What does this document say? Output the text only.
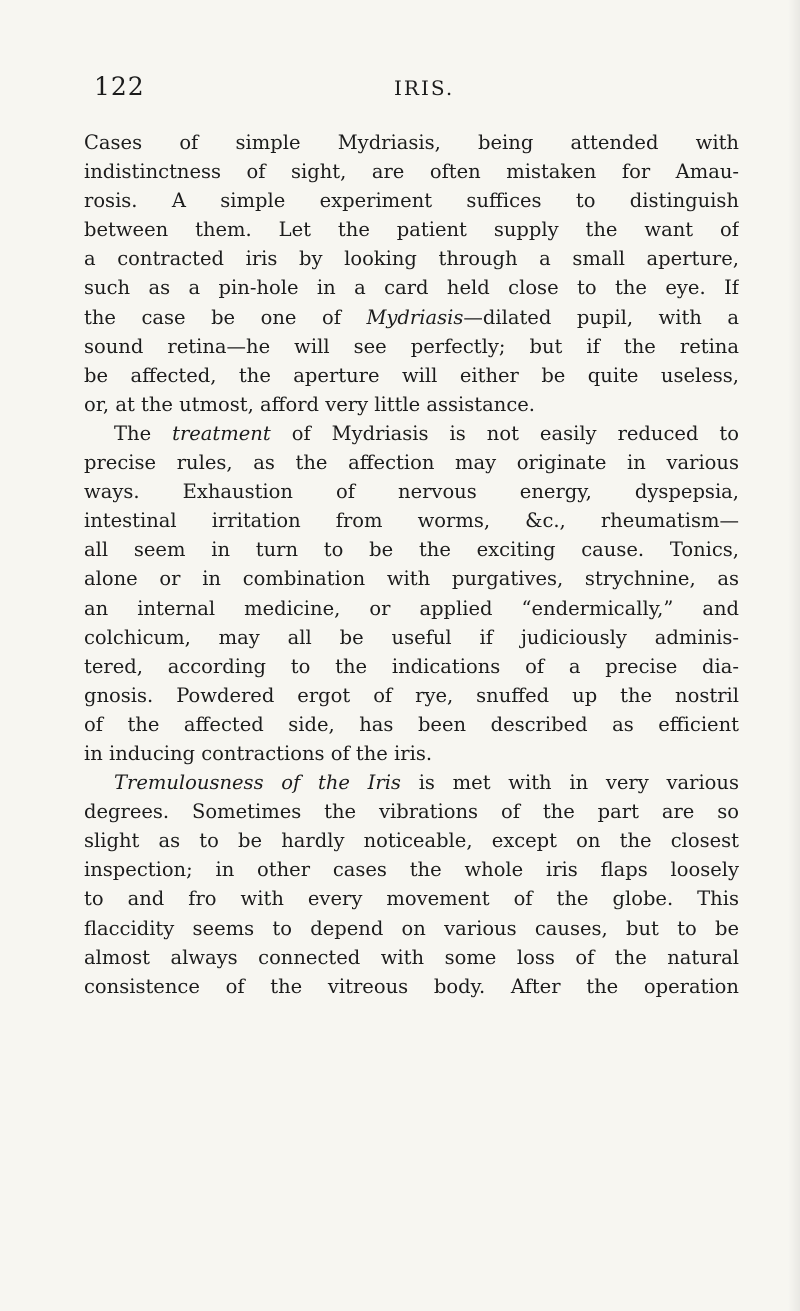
122	IRIS.
Cases of simple Mydriasis, being attended with
indistinctness of sight, are often mistaken for Amau-
rosis. A simple experiment suffices to distinguish
between them. Let the patient supply the want of
a contracted iris by looking through a small aperture,
such as a pin-hole in a card held close to the eye. If
the case be one of Mydriasis—dilated pupil, with a
sound retina—he will see perfectly; but if the retina
be affected, the aperture will either be quite useless,
or, at the utmost, afford very little assistance.
The treatment of Mydriasis is not easily reduced to
precise rules, as the affection may originate in various
ways. Exhaustion of nervous energy, dyspepsia,
intestinal irritation from worms, &c., rheumatism—
all seem in turn to be the exciting cause. Tonics,
alone or in combination with purgatives, strychnine, as
an internal medicine, or applied “endermically,” and
colchicum, may all be useful if judiciously adminis-
tered, according to the indications of a precise dia-
gnosis. Powdered ergot of rye, snuffed up the nostril
of the affected side, has been described as efficient
in inducing contractions of the iris.
Tremulousness of the Iris is met with in very various
degrees. Sometimes the vibrations of the part are so
slight as to be hardly noticeable, except on the closest
inspection; in other cases the whole iris flaps loosely
to and fro with every movement of the globe. This
flaccidity seems to depend on various causes, but to be
almost always connected with some loss of the natural
consistence of the vitreous body. After the operation
